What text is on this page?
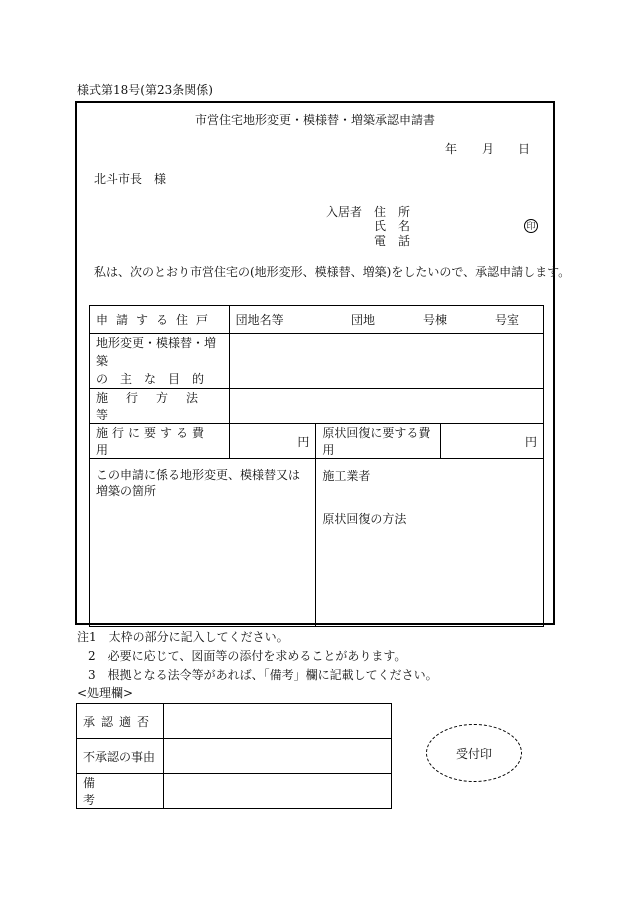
様式第18号(第23条関係)
市営住宅地形変更・模様替・増築承認申請書
年 月 日
北斗市長　様
入居者 住　所
氏　名
電　話
印
私は、次のとおり市営住宅の(地形変形、模様替、増築)をしたいので、承認申請します。
申請する住戸	団地名等 団地 号棟 号室		

地形変更・模様替・増築
の主な目的			

施行方法等			
施行に要する費用	円	原状回復に要する費用	円
この申請に係る地形変更、模様替又は増築の箇所		施工業者
原状回復の方法	
注1　太枠の部分に記入してください。
2　必要に応じて、図面等の添付を求めることがあります。
3　根拠となる法令等があれば、「備考」欄に記載してください。
<処理欄>
承認適否	
不承認の事由	
備考	
受付印
